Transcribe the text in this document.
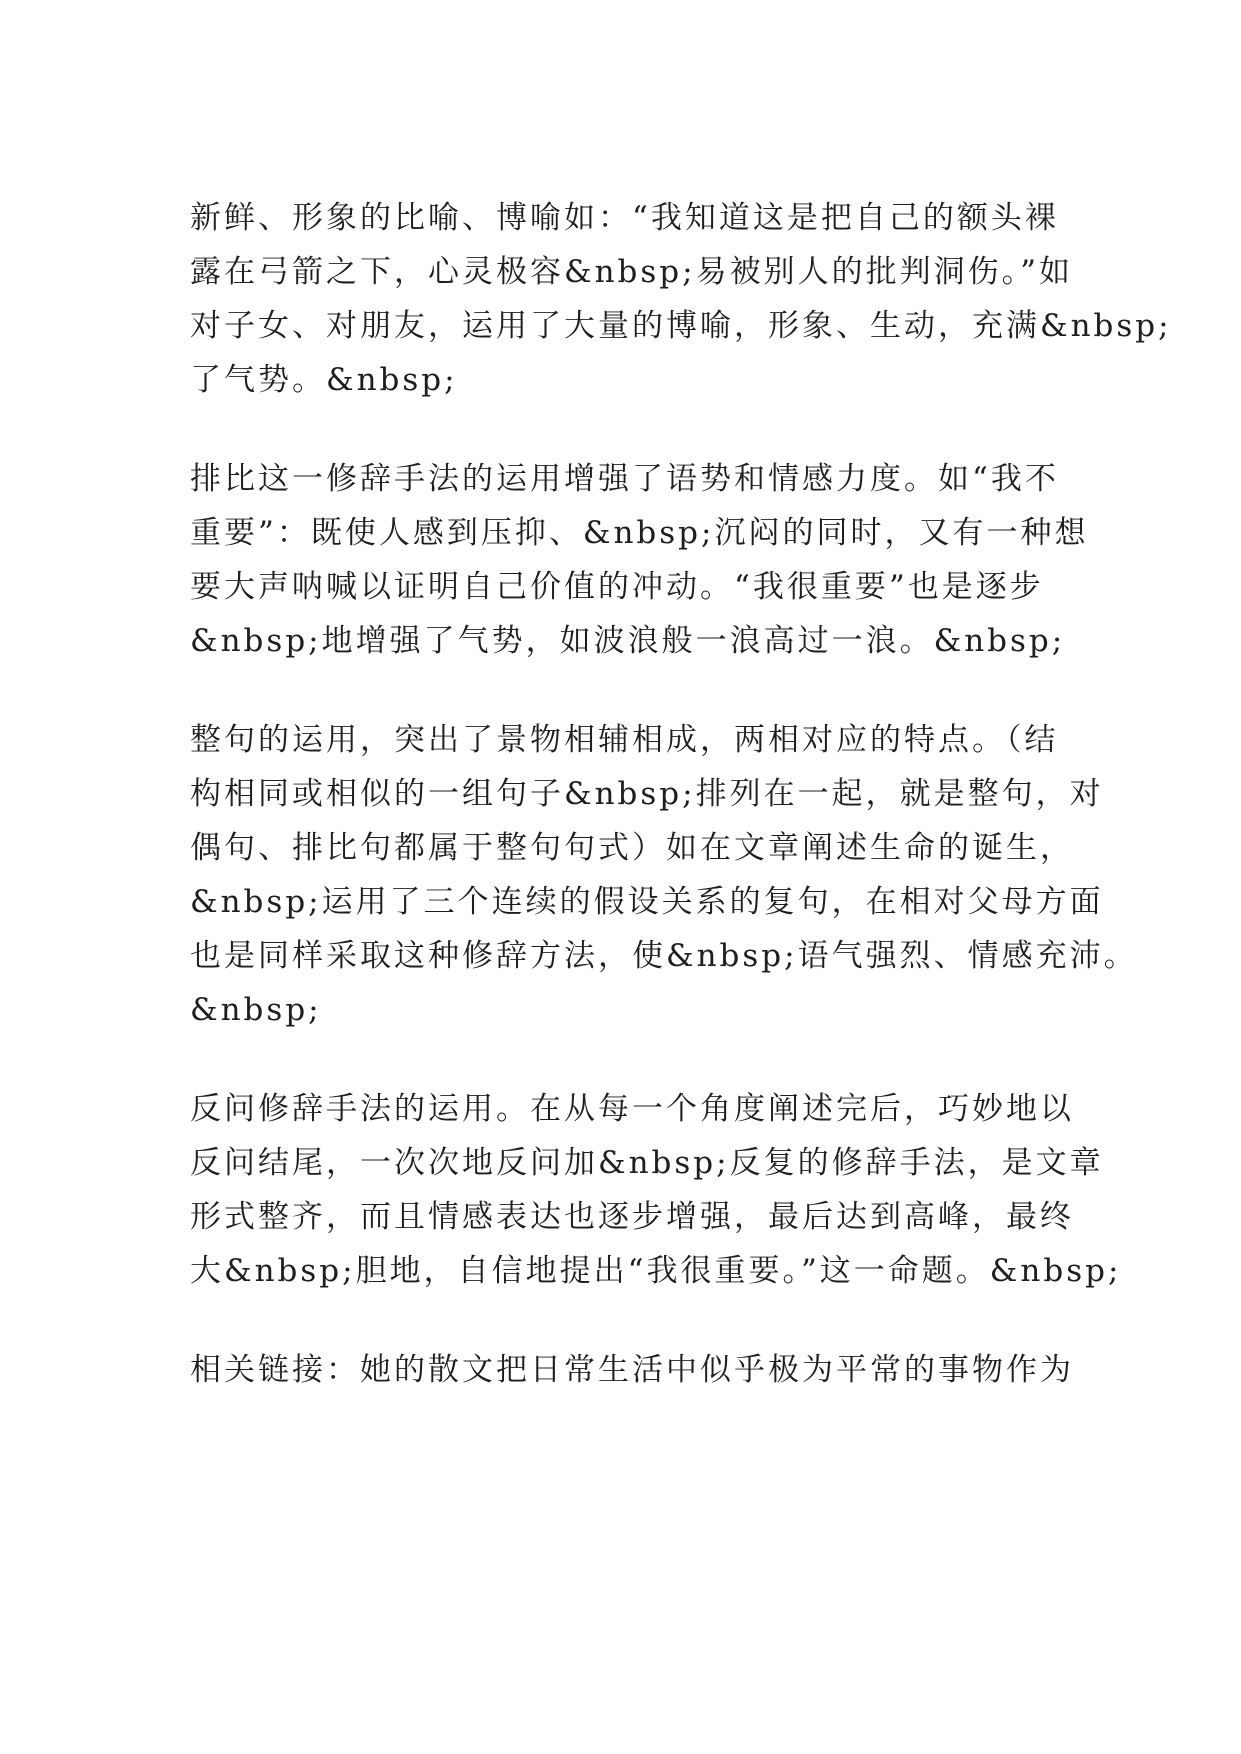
新鲜、形象的比喻、博喻如：“我知道这是把自己的额头裸
露在弓箭之下，心灵极容&nbsp;易被别人的批判洞伤。”如
对子女、对朋友，运用了大量的博喻，形象、生动，充满&nbsp;
了气势。&nbsp;
排比这一修辞手法的运用增强了语势和情感力度。如“我不
重要”：既使人感到压抑、&nbsp;沉闷的同时，又有一种想
要大声呐喊以证明自己价值的冲动。“我很重要”也是逐步
&nbsp;地增强了气势，如波浪般一浪高过一浪。&nbsp;
整句的运用，突出了景物相辅相成，两相对应的特点。（结
构相同或相似的一组句子&nbsp;排列在一起，就是整句，对
偶句、排比句都属于整句句式）如在文章阐述生命的诞生，
&nbsp;运用了三个连续的假设关系的复句，在相对父母方面
也是同样采取这种修辞方法，使&nbsp;语气强烈、情感充沛。
&nbsp;
反问修辞手法的运用。在从每一个角度阐述完后，巧妙地以
反问结尾，一次次地反问加&nbsp;反复的修辞手法，是文章
形式整齐，而且情感表达也逐步增强，最后达到高峰，最终
大&nbsp;胆地，自信地提出“我很重要。”这一命题。&nbsp;
相关链接：她的散文把日常生活中似乎极为平常的事物作为
